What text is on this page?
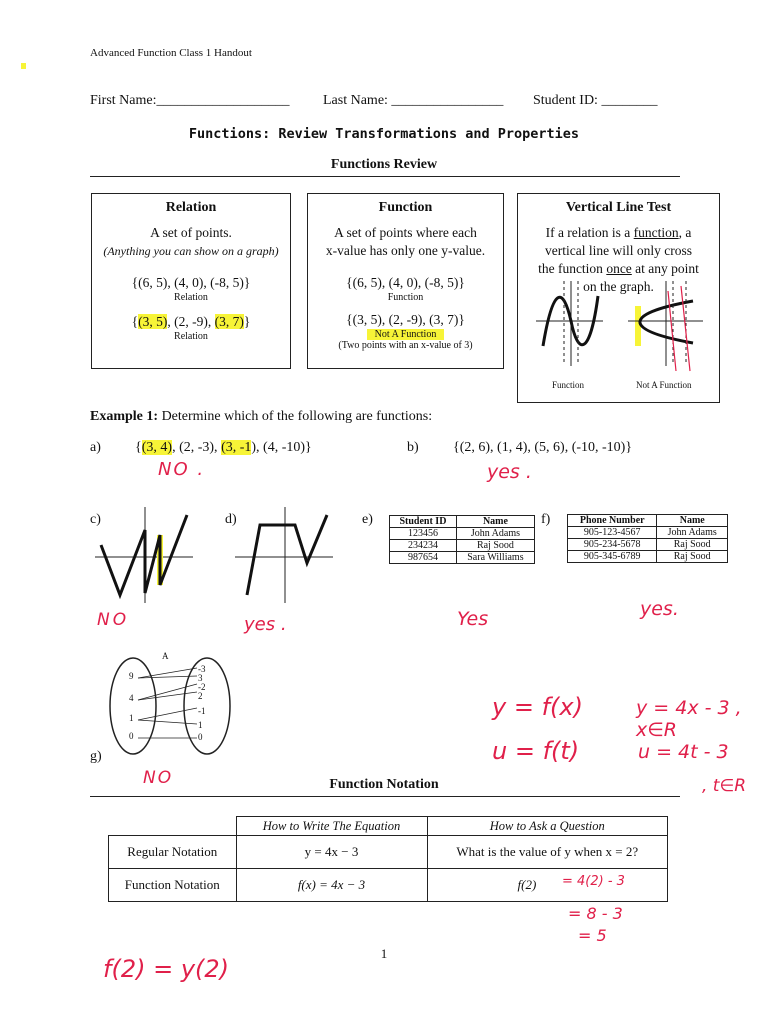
Advanced Function Class 1 Handout
First Name:___________________ Last Name: ________________ Student ID: ________
Functions: Review Transformations and Properties
Functions Review
Relation
A set of points.
(Anything you can show on a graph)
{(6, 5), (4, 0), (-8, 5)}
Relation
{(3, 5), (2, -9), (3, 7)}
Relation
Function
A set of points where each
x-value has only one y-value.
{(6, 5), (4, 0), (-8, 5)}
Function
{(3, 5), (2, -9), (3, 7)}
Not A Function
(Two points with an x-value of 3)
Vertical Line Test
If a relation is a function, a
vertical line will only cross
the function once at any point
on the graph.
Function	Not A Function
Example 1: Determine which of the following are functions:
a) {(3, 4), (2, -3), (3, -1), (4, -10)}	b) {(2, 6), (1, 4), (5, 6), (-10, -10)}
NO .	yes .
c)
NO
d)
yes .
e)	Student ID	Name
123456	John Adams
234234	Raj Sood
987654	Sara Williams
Yes
f)	Phone Number	Name
905-123-4567	John Adams
905-234-5678	Raj Sood
905-345-6789	Raj Sood
yes.
g)
A
9
4
1
0
-3
3
-2
2
-1
1
0
NO
y = f(x)
u = f(t)
y = 4x - 3 , x∈R
u = 4t - 3
, t∈R
Function Notation
	How to Write The Equation	How to Ask a Question
Regular Notation	y = 4x − 3	What is the value of y when x = 2?
Function Notation	f(x) = 4x − 3	f(2) = 4(2) - 3
= 8 - 3
= 5
1
f(2) = y(2)
